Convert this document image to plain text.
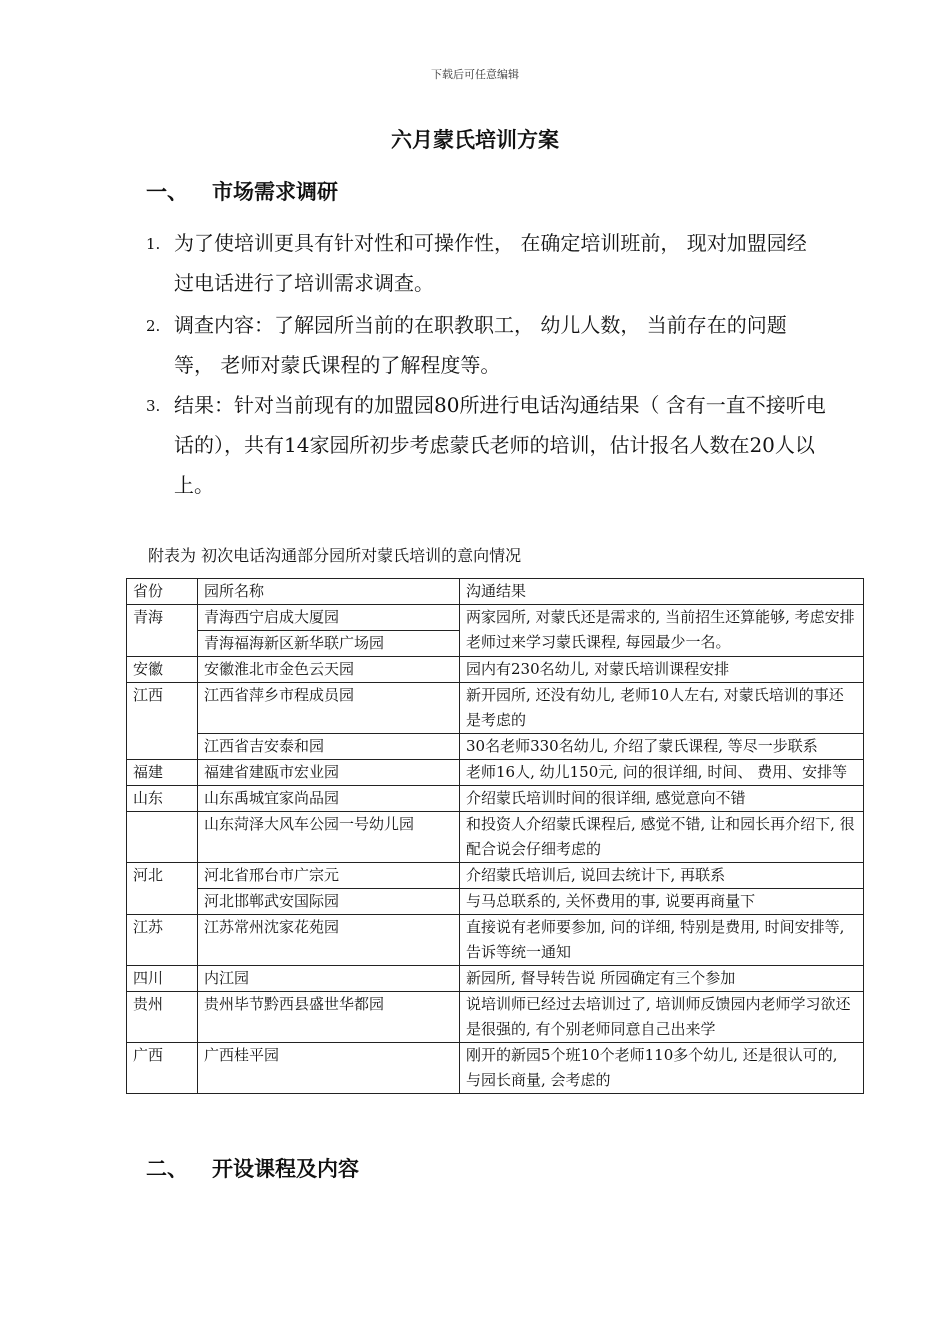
下载后可任意编辑
六月蒙氏培训方案
一、 市场需求调研
1. 为了使培训更具有针对性和可操作性， 在确定培训班前， 现对加盟园经过电话进行了培训需求调查。
2. 调查内容：了解园所当前的在职教职工， 幼儿人数， 当前存在的问题等， 老师对蒙氏课程的了解程度等。
3. 结果：针对当前现有的加盟园80所进行电话沟通结果（ 含有一直不接听电话的），共有14家园所初步考虑蒙氏老师的培训，估计报名人数在20人以上。
附表为 初次电话沟通部分园所对蒙氏培训的意向情况
省份	园所名称	沟通结果
青海	青海西宁启成大厦园	两家园所, 对蒙氏还是需求的, 当前招生还算能够, 考虑安排老师过来学习蒙氏课程, 每园最少一名。
	青海福海新区新华联广场园	
安徽	安徽淮北市金色云天园	园内有230名幼儿, 对蒙氏培训课程安排
江西	江西省萍乡市程成员园	新开园所, 还没有幼儿, 老师10人左右, 对蒙氏培训的事还是考虑的
	江西省吉安泰和园	30名老师330名幼儿, 介绍了蒙氏课程, 等尽一步联系
福建	福建省建瓯市宏业园	老师16人, 幼儿150元, 问的很详细, 时间、 费用、安排等
山东	山东禹城宜家尚品园	介绍蒙氏培训时间的很详细, 感觉意向不错
	山东菏泽大风车公园一号幼儿园	和投资人介绍蒙氏课程后, 感觉不错, 让和园长再介绍下, 很配合说会仔细考虑的
河北	河北省邢台市广宗元	介绍蒙氏培训后, 说回去统计下, 再联系
	河北邯郸武安国际园	与马总联系的, 关怀费用的事, 说要再商量下
江苏	江苏常州沈家花苑园	直接说有老师要参加, 问的详细, 特别是费用, 时间安排等, 告诉等统一通知
四川	内江园	新园所, 督导转告说 所园确定有三个参加
贵州	贵州毕节黔西县盛世华都园	说培训师已经过去培训过了, 培训师反馈园内老师学习欲还是很强的, 有个别老师同意自己出来学
广西	广西桂平园	刚开的新园5个班10个老师110多个幼儿, 还是很认可的, 与园长商量, 会考虑的
二、 开设课程及内容
